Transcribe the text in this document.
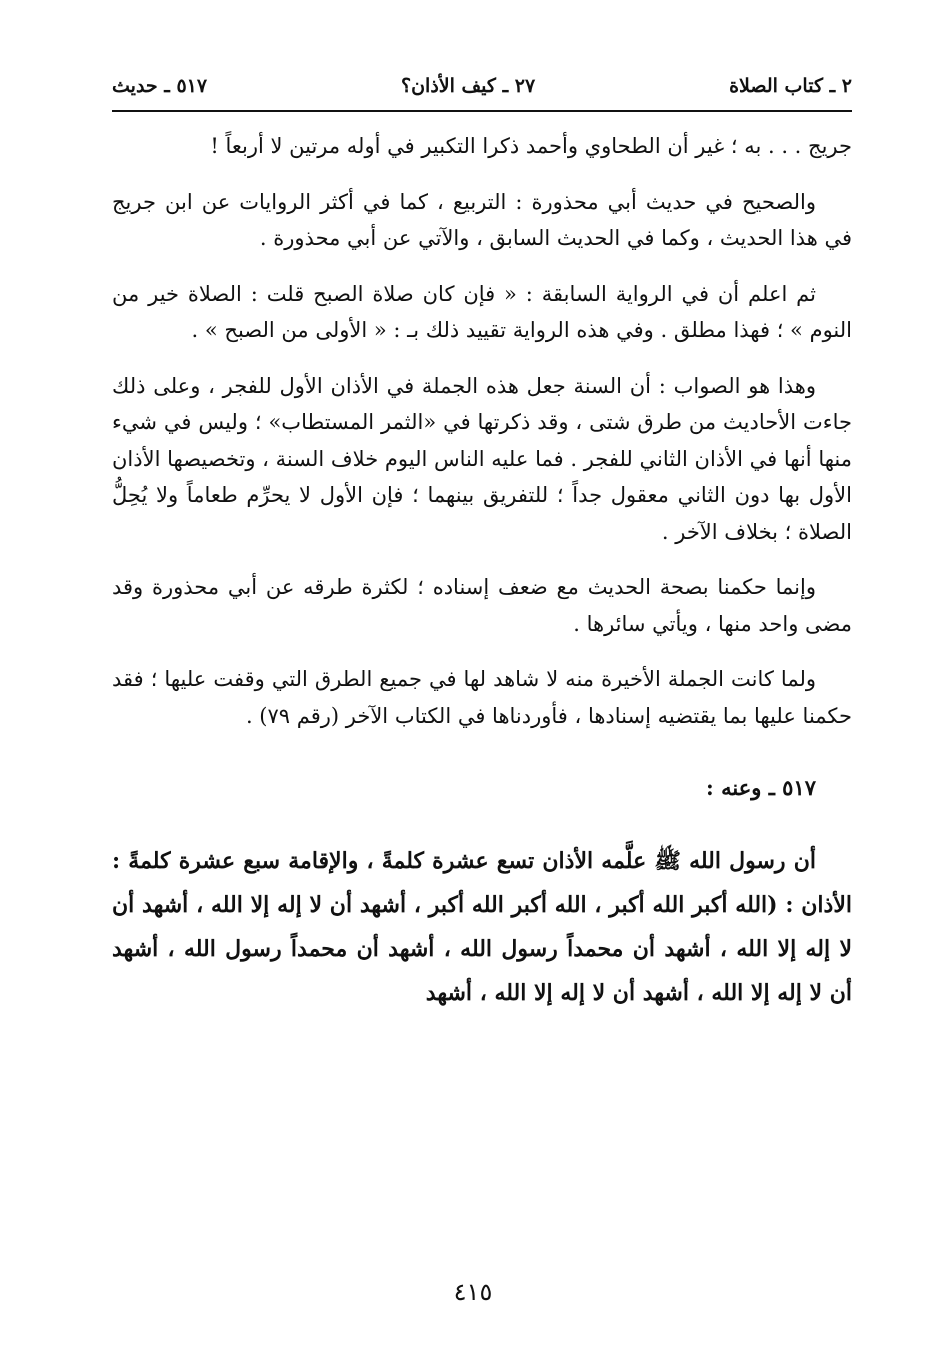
٢ ـ كتاب الصلاة
٢٧ ـ كيف الأذان؟
٥١٧ ـ حديث

جريج . . . به ؛ غير أن الطحاوي وأحمد ذكرا التكبير في أوله مرتين لا أربعاً !

والصحيح في حديث أبي محذورة : التربيع ، كما في أكثر الروايات عن ابن جريج في هذا الحديث ، وكما في الحديث السابق ، والآتي عن أبي محذورة .

ثم اعلم أن في الرواية السابقة : « فإن كان صلاة الصبح قلت : الصلاة خير من النوم » ؛ فهذا مطلق . وفي هذه الرواية تقييد ذلك بـ : « الأولى من الصبح » .

وهذا هو الصواب : أن السنة جعل هذه الجملة في الأذان الأول للفجر ، وعلى ذلك جاءت الأحاديث من طرق شتى ، وقد ذكرتها في «الثمر المستطاب» ؛ وليس في شيء منها أنها في الأذان الثاني للفجر . فما عليه الناس اليوم خلاف السنة ، وتخصيصها الأذان الأول بها دون الثاني معقول جداً ؛ للتفريق بينهما ؛ فإن الأول لا يحرِّم طعاماً ولا يُحِلُّ الصلاة ؛ بخلاف الآخر .

وإنما حكمنا بصحة الحديث مع ضعف إسناده ؛ لكثرة طرقه عن أبي محذورة وقد مضى واحد منها ، ويأتي سائرها .

ولما كانت الجملة الأخيرة منه لا شاهد لها في جميع الطرق التي وقفت عليها ؛ فقد حكمنا عليها بما يقتضيه إسنادها ، فأوردناها في الكتاب الآخر (رقم ٧٩) .

٥١٧ ـ وعنه :

أن رسول الله ﷺ علَّمه الأذان تسع عشرة كلمةً ، والإقامة سبع عشرة كلمةً : الأذان : (الله أكبر الله أكبر ، الله أكبر الله أكبر ، أشهد أن لا إله إلا الله ، أشهد أن لا إله إلا الله ، أشهد أن محمداً رسول الله ، أشهد أن محمداً رسول الله ، أشهد أن لا إله إلا الله ، أشهد أن لا إله إلا الله ، أشهد

٤١٥
